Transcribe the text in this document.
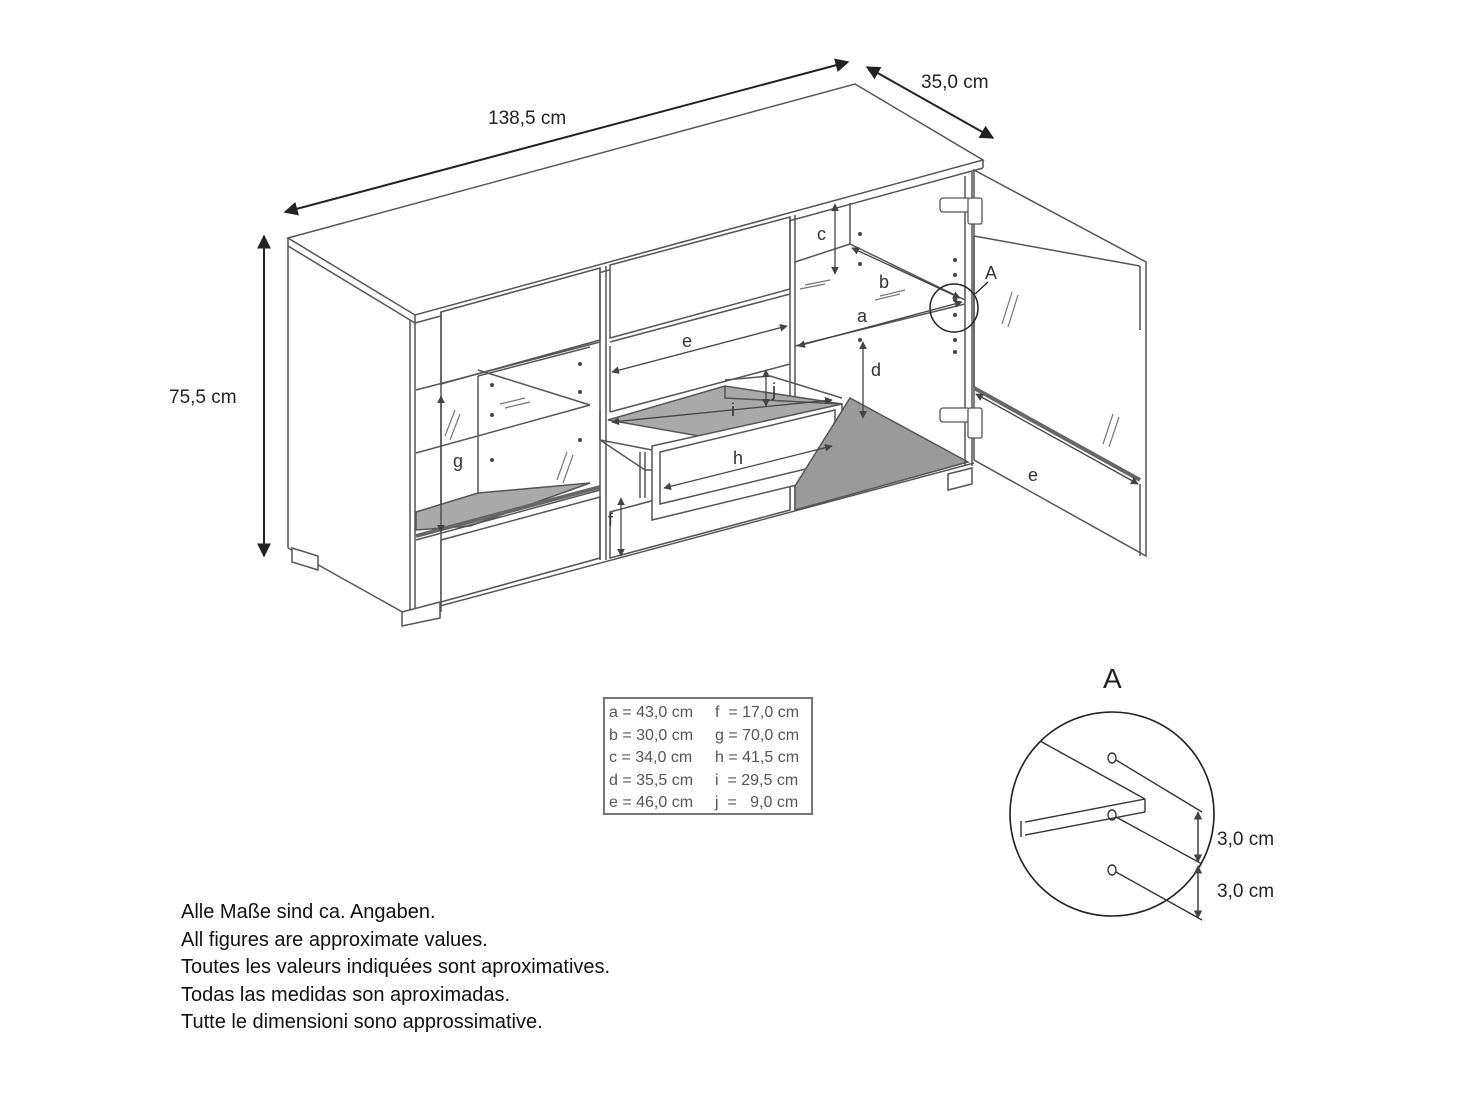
138,5 cm
35,0 cm
75,5 cm
a
b
c
d
e
e
f
g	h
i
j
A
A
3,0 cm
3,0 cm
a = 43,0 cm	f  = 17,0 cm
b = 30,0 cm	g = 70,0 cm
c = 34,0 cm	h = 41,5 cm
d = 35,5 cm	i  = 29,5 cm
e = 46,0 cm	j  =   9,0 cm
Alle Maße sind ca. Angaben.
All figures are approximate values.
Toutes les valeurs indiquées sont aproximatives.
Todas las medidas son aproximadas.
Tutte le dimensioni sono approssimative.
